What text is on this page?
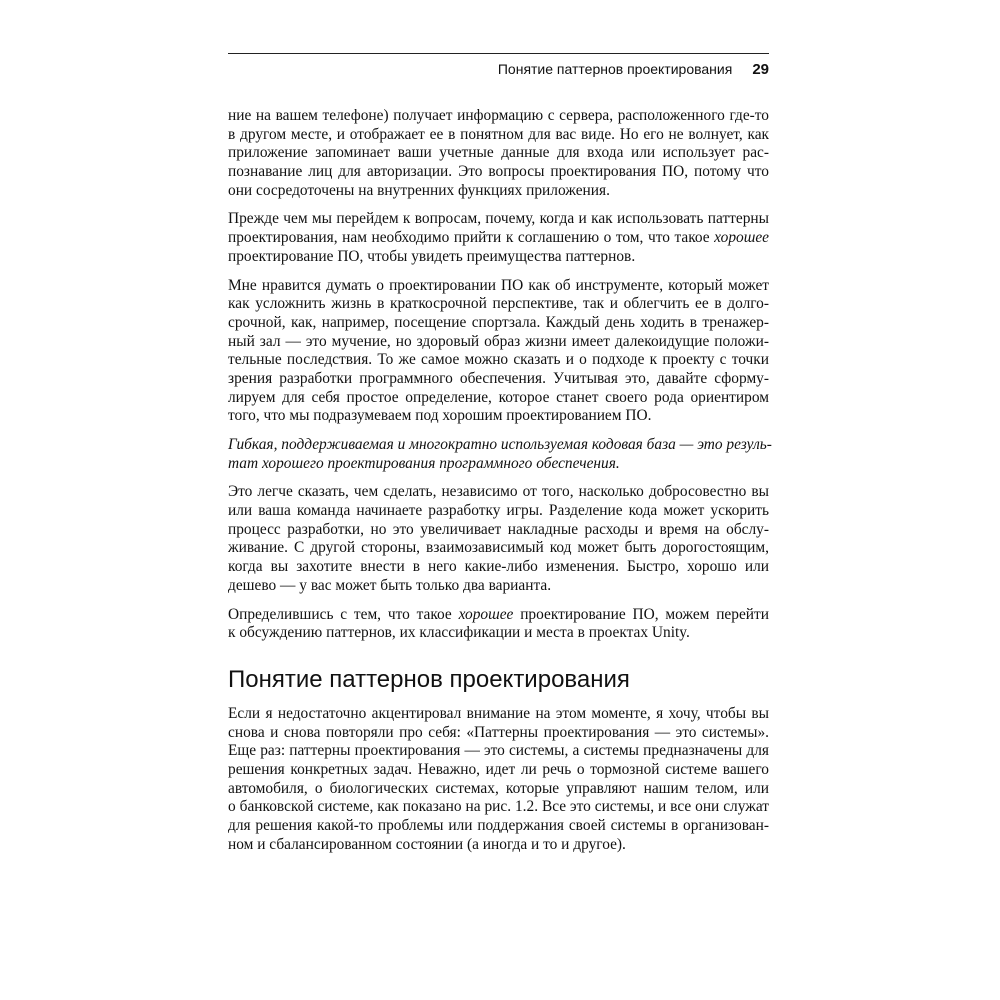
Понятие паттернов проектирования 29

ние на вашем телефоне) получает информацию с сервера, расположенного где-то
в другом месте, и отображает ее в понятном для вас виде. Но его не волнует, как
приложение запоминает ваши учетные данные для входа или использует рас-
познавание лиц для авторизации. Это вопросы проектирования ПО, потому что
они сосредоточены на внутренних функциях приложения.

Прежде чем мы перейдем к вопросам, почему, когда и как использовать паттерны
проектирования, нам необходимо прийти к соглашению о том, что такое хорошее
проектирование ПО, чтобы увидеть преимущества паттернов.

Мне нравится думать о проектировании ПО как об инструменте, который может
как усложнить жизнь в краткосрочной перспективе, так и облегчить ее в долго-
срочной, как, например, посещение спортзала. Каждый день ходить в тренажер-
ный зал — это мучение, но здоровый образ жизни имеет далекоидущие положи-
тельные последствия. То же самое можно сказать и о подходе к проекту с точки
зрения разработки программного обеспечения. Учитывая это, давайте сформу-
лируем для себя простое определение, которое станет своего рода ориентиром
того, что мы подразумеваем под хорошим проектированием ПО.

Гибкая, поддерживаемая и многократно используемая кодовая база — это резуль-
тат хорошего проектирования программного обеспечения.

Это легче сказать, чем сделать, независимо от того, насколько добросовестно вы
или ваша команда начинаете разработку игры. Разделение кода может ускорить
процесс разработки, но это увеличивает накладные расходы и время на обслу-
живание. С другой стороны, взаимозависимый код может быть дорогостоящим,
когда вы захотите внести в него какие-либо изменения. Быстро, хорошо или
дешево — у вас может быть только два варианта.

Определившись с тем, что такое хорошее проектирование ПО, можем перейти
к обсуждению паттернов, их классификации и места в проектах Unity.

Понятие паттернов проектирования

Если я недостаточно акцентировал внимание на этом моменте, я хочу, чтобы вы
снова и снова повторяли про себя: «Паттерны проектирования — это системы».
Еще раз: паттерны проектирования — это системы, а системы предназначены для
решения конкретных задач. Неважно, идет ли речь о тормозной системе вашего
автомобиля, о биологических системах, которые управляют нашим телом, или
о банковской системе, как показано на рис. 1.2. Все это системы, и все они служат
для решения какой-то проблемы или поддержания своей системы в организован-
ном и сбалансированном состоянии (а иногда и то и другое).
